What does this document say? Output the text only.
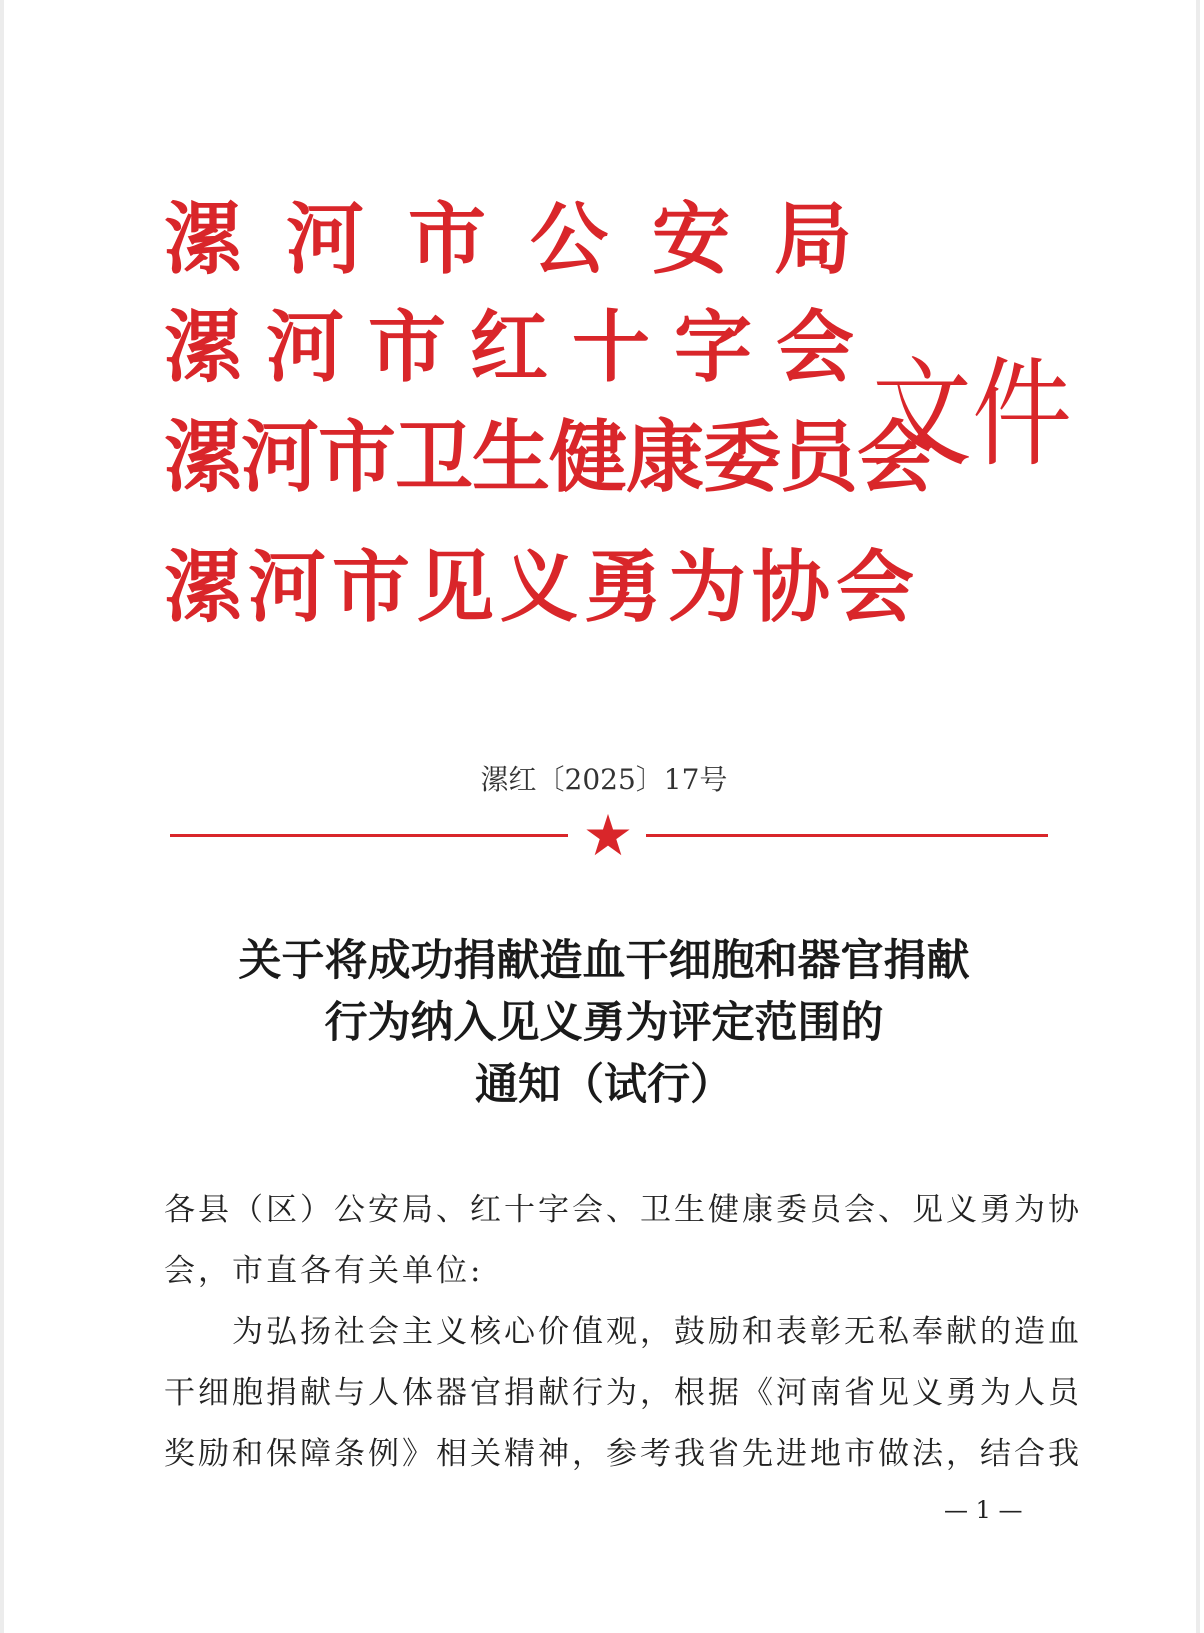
漯河市公安局
漯河市红十字会
漯河市卫生健康委员会
漯河市见义勇为协会
文件
漯红〔2025〕17号
关于将成功捐献造血干细胞和器官捐献
行为纳入见义勇为评定范围的
通知（试行）
各县（区）公安局、红十字会、卫生健康委员会、见义勇为协
会，市直各有关单位:
　　为弘扬社会主义核心价值观，鼓励和表彰无私奉献的造血
干细胞捐献与人体器官捐献行为，根据《河南省见义勇为人员
奖励和保障条例》相关精神，参考我省先进地市做法，结合我
— 1 —
